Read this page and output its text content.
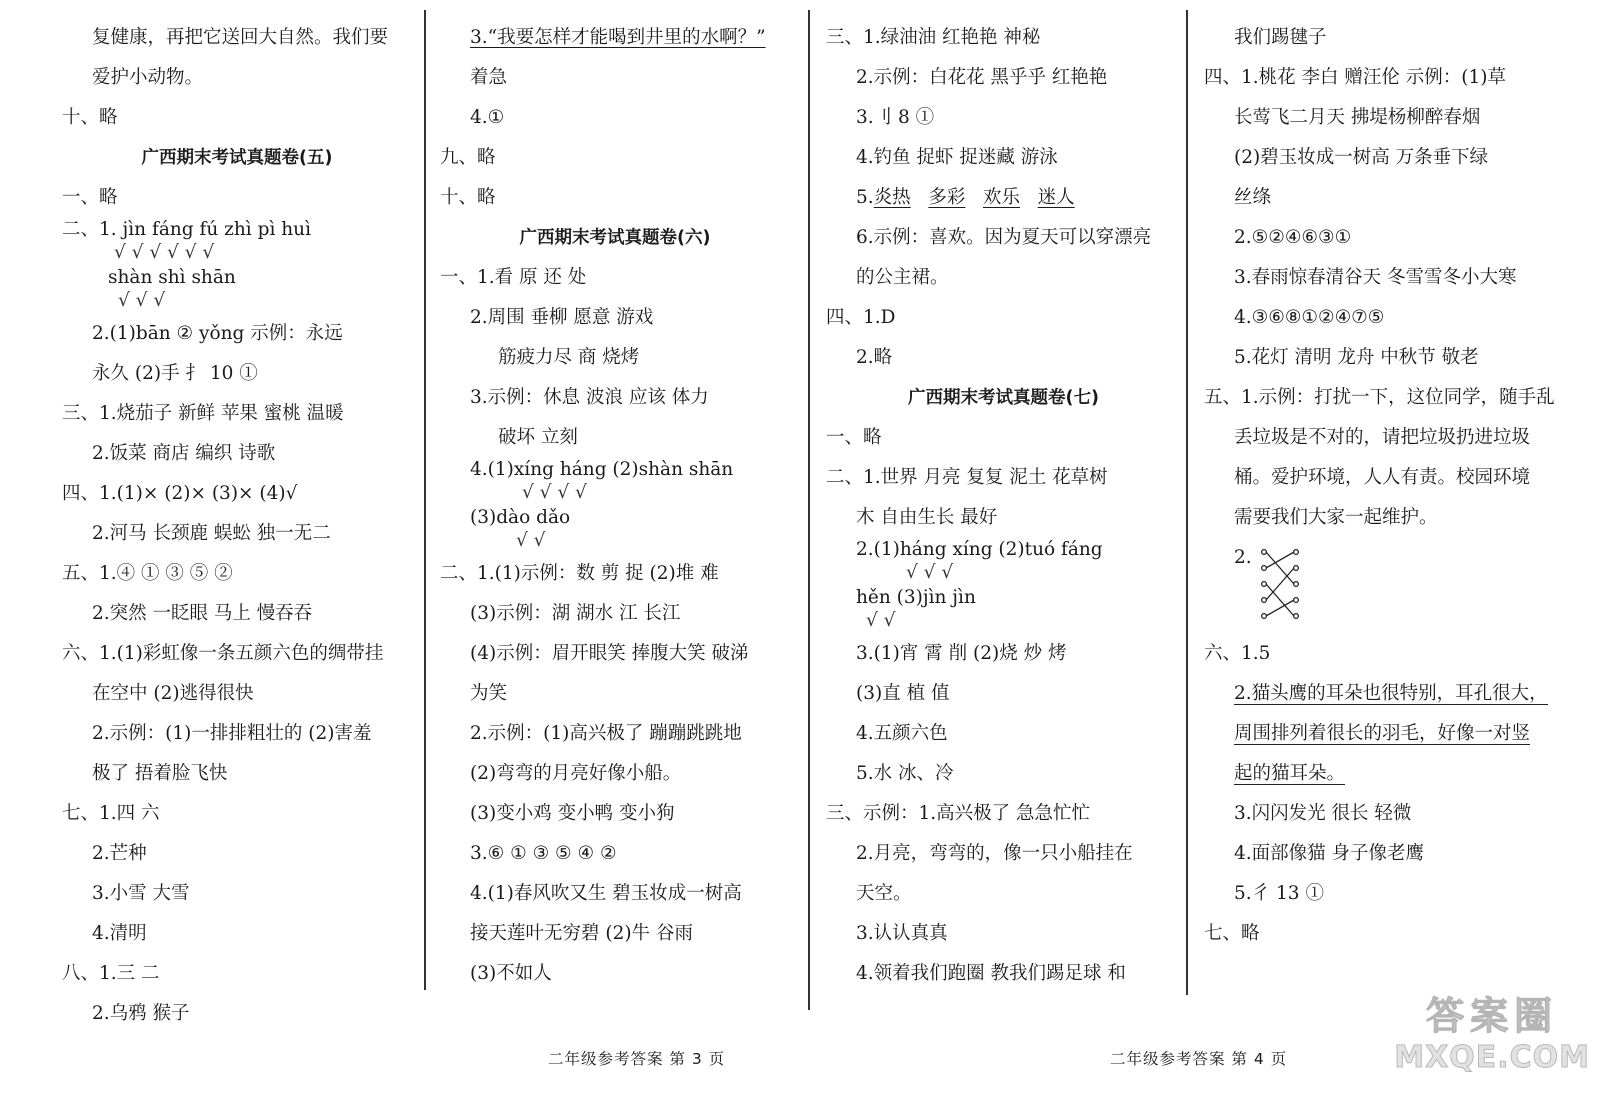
复健康，再把它送回大自然。我们要
爱护小动物。
十、略
广西期末考试真题卷(五)
一、略
二、1. jìn fáng fú zhì pì huì
√ √ √ √ √ √
shàn shì shān
√ √ √
2.(1)bān ② yǒng 示例：永远
永久 (2)手 扌 10 ①
三、1.烧茄子 新鲜 苹果 蜜桃 温暖
2.饭菜 商店 编织 诗歌
四、1.(1)× (2)× (3)× (4)√
2.河马 长颈鹿 蜈蚣 独一无二
五、1.④ ① ③ ⑤ ②
2.突然 一眨眼 马上 慢吞吞
六、1.(1)彩虹像一条五颜六色的绸带挂
在空中 (2)逃得很快
2.示例：(1)一排排粗壮的 (2)害羞
极了 捂着脸飞快
七、1.四 六
2.芒种
3.小雪 大雪
4.清明
八、1.三 二
2.乌鸦 猴子
3.“我要怎样才能喝到井里的水啊？”
着急
4.①
九、略
十、略
广西期末考试真题卷(六)
一、1.看 原 还 处
2.周围 垂柳 愿意 游戏
筋疲力尽 商 烧烤
3.示例：休息 波浪 应该 体力
破坏 立刻
4.(1)xíng háng (2)shàn shān
√ √ √ √
(3)dào dǎo
√ √
二、1.(1)示例：数 剪 捉 (2)堆 难
(3)示例：湖 湖水 江 长江
(4)示例：眉开眼笑 捧腹大笑 破涕
为笑
2.示例：(1)高兴极了 蹦蹦跳跳地
(2)弯弯的月亮好像小船。
(3)变小鸡 变小鸭 变小狗
3.⑥ ① ③ ⑤ ④ ②
4.(1)春风吹又生 碧玉妆成一树高
接天莲叶无穷碧 (2)牛 谷雨
(3)不如人
三、1.绿油油 红艳艳 神秘
2.示例：白花花 黑乎乎 红艳艳
3.刂 8 ①
4.钓鱼 捉虾 捉迷藏 游泳
5.炎热 多彩 欢乐 迷人
6.示例：喜欢。因为夏天可以穿漂亮
的公主裙。
四、1.D
2.略
广西期末考试真题卷(七)
一、略
二、1.世界 月亮 复复 泥土 花草树
木 自由生长 最好
2.(1)háng xíng (2)tuó fáng
√ √ √
hěn (3)jìn jìn
√ √
3.(1)宵 霄 削 (2)烧 炒 烤
(3)直 植 值
4.五颜六色
5.水 冰、冷
三、示例：1.高兴极了 急急忙忙
2.月亮，弯弯的，像一只小船挂在
天空。
3.认认真真
4.领着我们跑圈 教我们踢足球 和
我们踢毽子
四、1.桃花 李白 赠汪伦 示例：(1)草
长莺飞二月天 拂堤杨柳醉春烟
(2)碧玉妆成一树高 万条垂下绿
丝绦
2.⑤②④⑥③①
3.春雨惊春清谷天 冬雪雪冬小大寒
4.③⑥⑧①②④⑦⑤
5.花灯 清明 龙舟 中秋节 敬老
五、1.示例：打扰一下，这位同学，随手乱
丢垃圾是不对的，请把垃圾扔进垃圾
桶。爱护环境，人人有责。校园环境
需要我们大家一起维护。
2.
六、1.5
2.猫头鹰的耳朵也很特别，耳孔很大，
周围排列着很长的羽毛，好像一对竖
起的猫耳朵。
3.闪闪发光 很长 轻微
4.面部像猫 身子像老鹰
5.彳 13 ①
七、略
二年级参考答案 第 3 页	二年级参考答案 第 4 页
答案圈
MXQE.COM
